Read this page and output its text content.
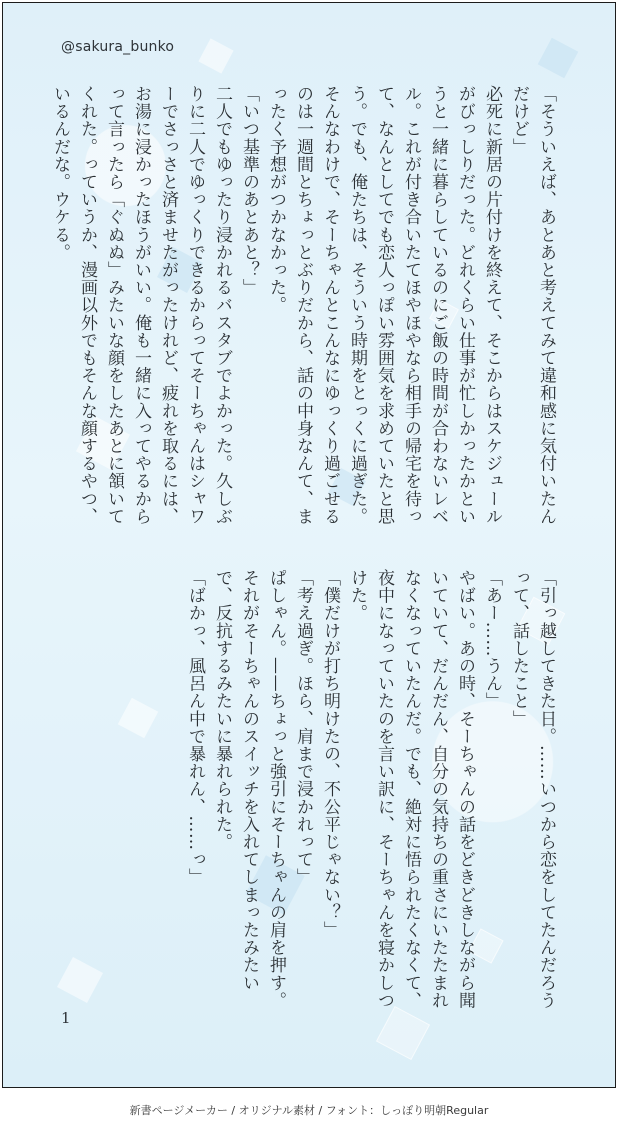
@sakura_bunko

「そういえば、あとあと考えてみて違和感に気付いたんだけど」

必死に新居の片付けを終えて、そこからはスケジュールがびっしりだった。どれくらい仕事が忙しかったかというと一緒に暮らしているのにご飯の時間が合わないレベル。これが付き合いたてほやほやなら相手の帰宅を待って、なんとしてでも恋人っぽい雰囲気を求めていたと思う。でも、俺たちは、そういう時期をとっくに過ぎた。

そんなわけで、そーちゃんとこんなにゆっくり過ごせるのは一週間とちょっとぶりだから、話の中身なんて、まったく予想がつかなかった。

「いつ基準のあとあと？」

二人でもゆったり浸かれるバスタブでよかった。久しぶりに二人でゆっくりできるからってそーちゃんはシャワーでさっさと済ませたがったけれど、疲れを取るには、お湯に浸かったほうがいい。俺も一緒に入ってやるからって言ったら「ぐぬぬ」みたいな顔をしたあとに頷いてくれた。っていうか、漫画以外でもそんな顔するやつ、いるんだな。ウケる。

「引っ越してきた日。……いつから恋をしてたんだろうって、話したこと」

「あー……うん」

やばい。あの時、そーちゃんの話をどきどきしながら聞いていて、だんだん、自分の気持ちの重さにいたたまれなくなっていたんだ。でも、絶対に悟られたくなくて、夜中になっていたのを言い訳に、そーちゃんを寝かしつけた。

「僕だけが打ち明けたの、不公平じゃない？」

「考え過ぎ。ほら、肩まで浸かれって」

ぱしゃん。——ちょっと強引にそーちゃんの肩を押す。それがそーちゃんのスイッチを入れてしまったみたいで、反抗するみたいに暴れられた。

「ばかっ、風呂ん中で暴れん、……っ」

1
新書ページメーカー / オリジナル素材 / フォント：しっぽり明朝Regular
